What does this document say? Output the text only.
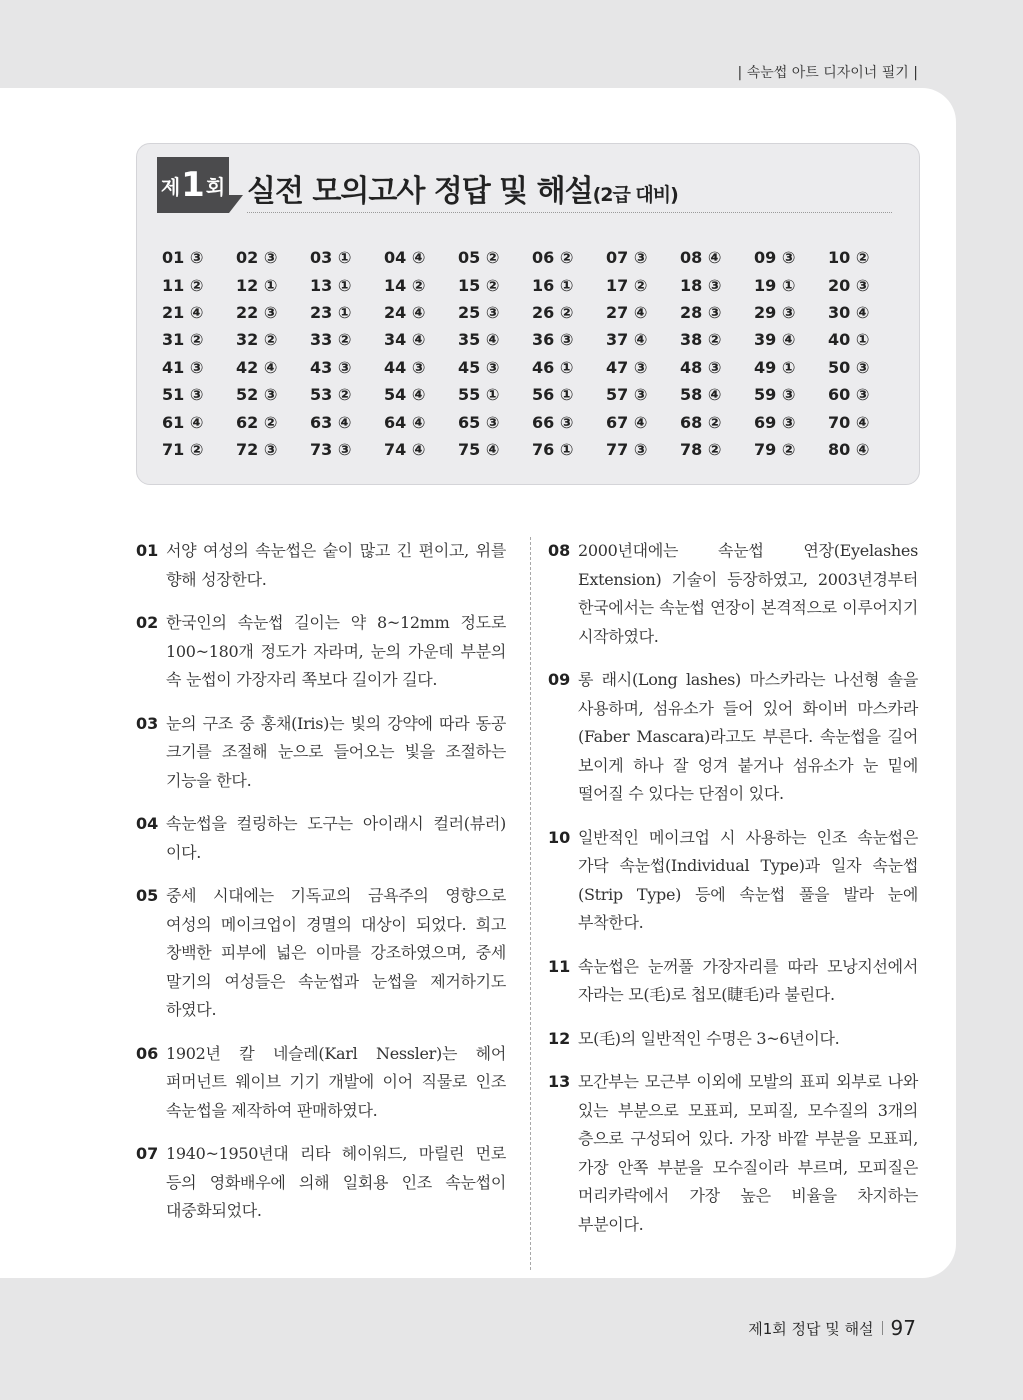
| 속눈썹 아트 디자이너 필기 |
제 1 회 실전 모의고사 정답 및 해설(2급 대비)
01 ③	02 ③	03 ①	04 ④	05 ②	06 ②	07 ③	08 ④	09 ③	10 ②
11 ②	12 ①	13 ①	14 ②	15 ②	16 ①	17 ②	18 ③	19 ①	20 ③
21 ④	22 ③	23 ①	24 ④	25 ③	26 ②	27 ④	28 ③	29 ③	30 ④
31 ②	32 ②	33 ②	34 ④	35 ④	36 ③	37 ④	38 ②	39 ④	40 ①
41 ③	42 ④	43 ③	44 ③	45 ③	46 ①	47 ③	48 ③	49 ①	50 ③
51 ③	52 ③	53 ②	54 ④	55 ①	56 ①	57 ③	58 ④	59 ③	60 ③
61 ④	62 ②	63 ④	64 ④	65 ③	66 ③	67 ④	68 ②	69 ③	70 ④
71 ②	72 ③	73 ③	74 ④	75 ④	76 ①	77 ③	78 ②	79 ②	80 ④
01 서양 여성의 속눈썹은 숱이 많고 긴 편이고, 위를 향해 성장한다.
02 한국인의 속눈썹 길이는 약 8~12mm 정도로 100~180개 정도가 자라며, 눈의 가운데 부분의 속 눈썹이 가장자리 쪽보다 길이가 길다.
03 눈의 구조 중 홍채(Iris)는 빛의 강약에 따라 동공 크기를 조절해 눈으로 들어오는 빛을 조절하는 기능을 한다.
04 속눈썹을 컬링하는 도구는 아이래시 컬러(뷰러)이다.
05 중세 시대에는 기독교의 금욕주의 영향으로 여성의 메이크업이 경멸의 대상이 되었다. 희고 창백한 피부에 넓은 이마를 강조하였으며, 중세 말기의 여성들은 속눈썹과 눈썹을 제거하기도 하였다.
06 1902년 칼 네슬레(Karl Nessler)는 헤어 퍼머넌트 웨이브 기기 개발에 이어 직물로 인조 속눈썹을 제작하여 판매하였다.
07 1940~1950년대 리타 헤이워드, 마릴린 먼로 등의 영화배우에 의해 일회용 인조 속눈썹이 대중화되었다.
08 2000년대에는 속눈썹 연장(Eyelashes Extension) 기술이 등장하였고, 2003년경부터 한국에서는 속눈썹 연장이 본격적으로 이루어지기 시작하였다.
09 롱 래시(Long lashes) 마스카라는 나선형 솔을 사용하며, 섬유소가 들어 있어 화이버 마스카라(Faber Mascara)라고도 부른다. 속눈썹을 길어 보이게 하나 잘 엉겨 붙거나 섬유소가 눈 밑에 떨어질 수 있다는 단점이 있다.
10 일반적인 메이크업 시 사용하는 인조 속눈썹은 가닥 속눈썹(Individual Type)과 일자 속눈썹(Strip Type) 등에 속눈썹 풀을 발라 눈에 부착한다.
11 속눈썹은 눈꺼풀 가장자리를 따라 모낭지선에서 자라는 모(毛)로 첩모(睫毛)라 불린다.
12 모(毛)의 일반적인 수명은 3~6년이다.
13 모간부는 모근부 이외에 모발의 표피 외부로 나와 있는 부분으로 모표피, 모피질, 모수질의 3개의 층으로 구성되어 있다. 가장 바깥 부분을 모표피, 가장 안쪽 부분을 모수질이라 부르며, 모피질은 머리카락에서 가장 높은 비율을 차지하는 부분이다.
제1회 정답 및 해설 97
